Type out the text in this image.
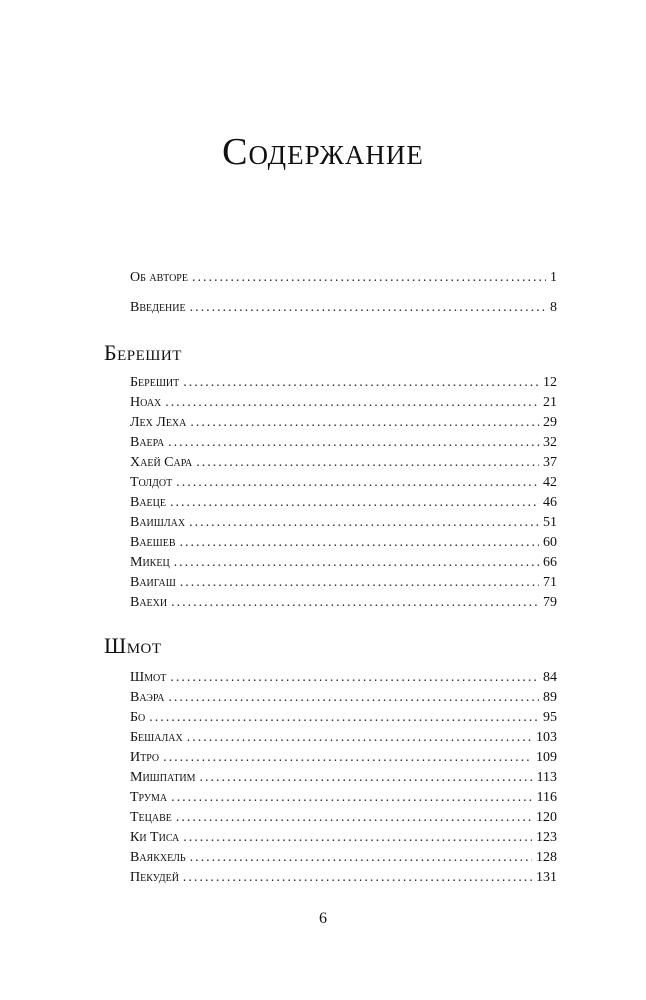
Содержание
Об авторе .....	1
Введение .....	8
Берешит
Берешит .....	12
Ноах .....	21
Лех Леха .....	29
Ваера .....	32
Хаей Сара .....	37
Толдот .....	42
Ваеце .....	46
Ваишлах .....	51
Ваешев .....	60
Микец .....	66
Ваигаш .....	71
Ваехи .....	79
Шмот
Шмот .....	84
Ваэра .....	89
Бо .....	95
Бешалах .....	103
Итро .....	109
Мишпатим .....	113
Трума .....	116
Тецаве .....	120
Ки Тиса .....	123
Ваякхель .....	128
Пекудей .....	131
6
